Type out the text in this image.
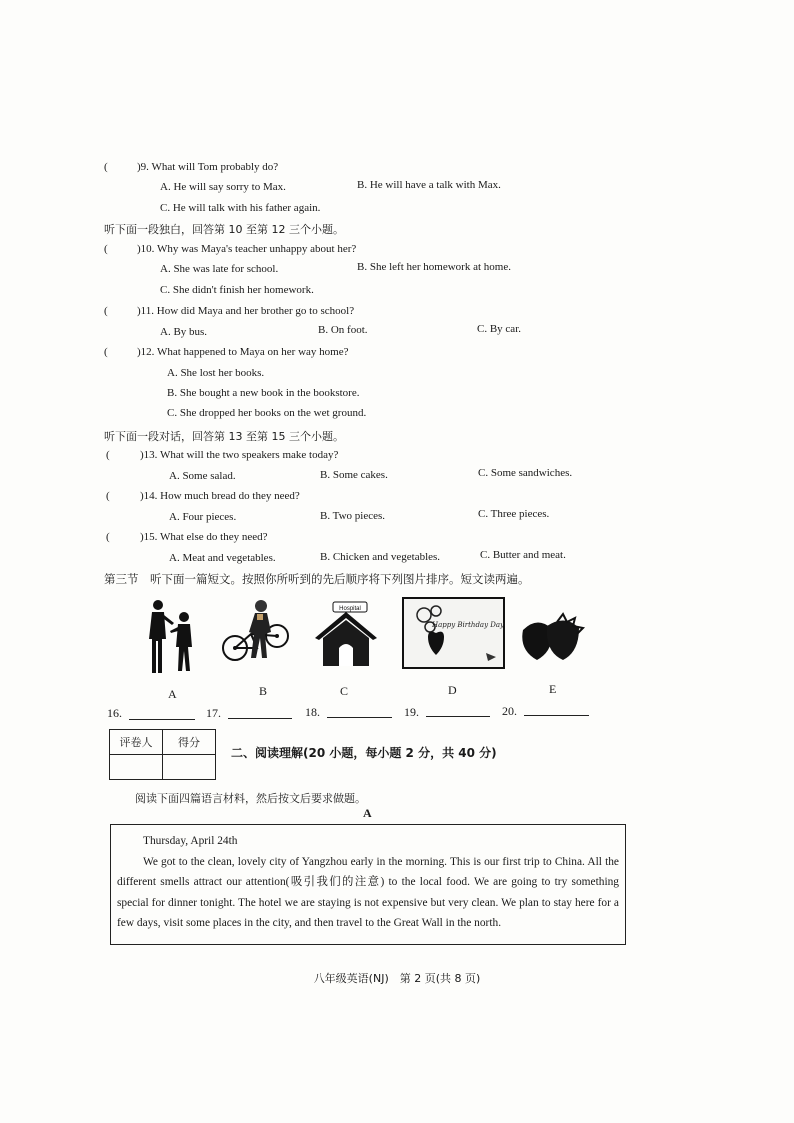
(	)9. What will Tom probably do?
A. He will say sorry to Max.	B. He will have a talk with Max.
C. He will talk with his father again.
听下面一段独白，回答第 10 至第 12 三个小题。
(	)10. Why was Maya's teacher unhappy about her?
A. She was late for school.	B. She left her homework at home.
C. She didn't finish her homework.
(	)11. How did Maya and her brother go to school?
A. By bus.	B. On foot.	C. By car.
(	)12. What happened to Maya on her way home?
A. She lost her books.
B. She bought a new book in the bookstore.
C. She dropped her books on the wet ground.
听下面一段对话，回答第 13 至第 15 三个小题。
(	)13. What will the two speakers make today?
A. Some salad.	B. Some cakes.	C. Some sandwiches.
(	)14. How much bread do they need?
A. Four pieces.	B. Two pieces.	C. Three pieces.
(	)15. What else do they need?
A. Meat and vegetables.	B. Chicken and vegetables.	C. Butter and meat.
第三节　听下面一篇短文。按照你所听到的先后顺序将下列图片排序。短文读两遍。
Hospital
Happy Birthday Day
A	B	C	D	E
16.	17.	18.	19.	20.
评卷人	得分

二、阅读理解(20 小题，每小题 2 分，共 40 分)
阅读下面四篇语言材料，然后按文后要求做题。
A

Thursday, April 24th

We got to the clean, lovely city of Yangzhou early in the morning. This is our first trip to China. All the different smells attract our attention(吸引我们的注意) to the local food. We are going to try something special for dinner tonight. The hotel we are staying is not expensive but very clean. We plan to stay here for a few days, visit some places in the city, and then travel to the Great Wall in the north.

八年级英语(NJ)　第 2 页(共 8 页)
